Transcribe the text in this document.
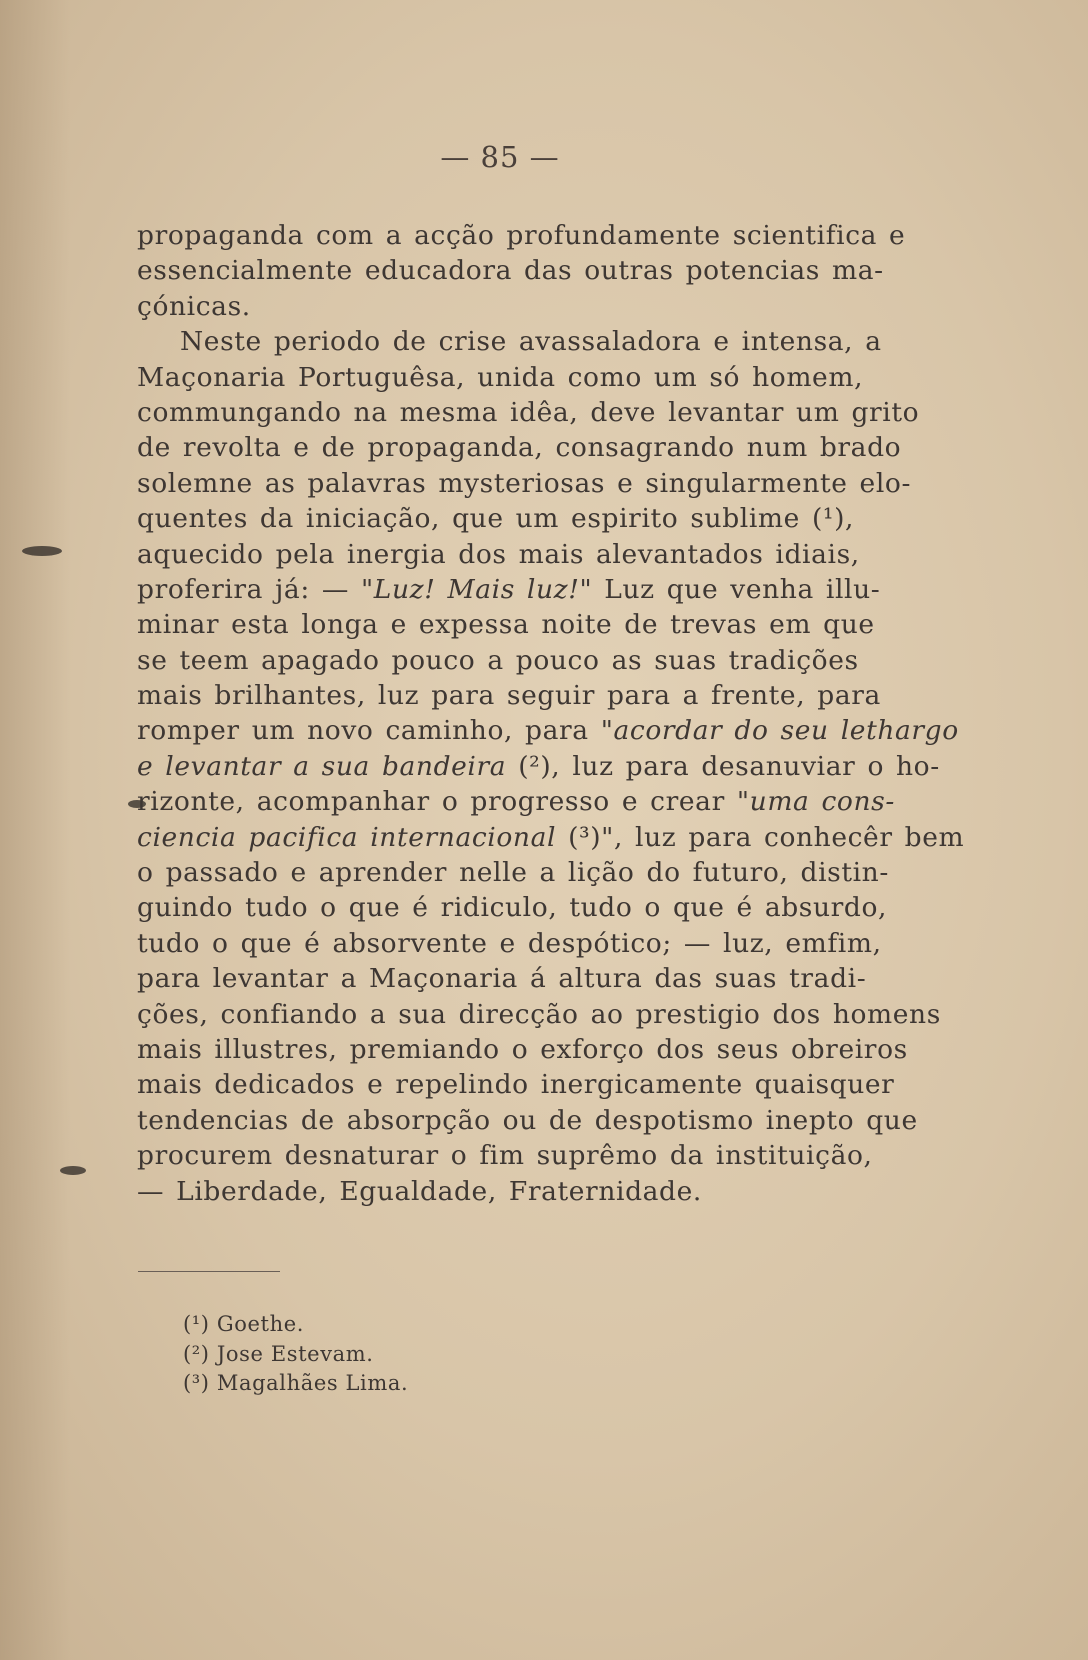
— 85 —
propaganda com a acção profundamente scientifica e
essencialmente educadora das outras potencias ma-
çónicas.
Neste periodo de crise avassaladora e intensa, a
Maçonaria Portuguêsa, unida como um só homem,
commungando na mesma idêa, deve levantar um grito
de revolta e de propaganda, consagrando num brado
solemne as palavras mysteriosas e singularmente elo-
quentes da iniciação, que um espirito sublime (¹),
aquecido pela inergia dos mais alevantados idiais,
proferira já: — "Luz! Mais luz!" Luz que venha illu-
minar esta longa e expessa noite de trevas em que
se teem apagado pouco a pouco as suas tradições
mais brilhantes, luz para seguir para a frente, para
romper um novo caminho, para "acordar do seu lethargo
e levantar a sua bandeira (²), luz para desanuviar o ho-
rizonte, acompanhar o progresso e crear "uma cons-
ciencia pacifica internacional (³)", luz para conhecêr bem
o passado e aprender nelle a lição do futuro, distin-
guindo tudo o que é ridiculo, tudo o que é absurdo,
tudo o que é absorvente e despótico; — luz, emfim,
para levantar a Maçonaria á altura das suas tradi-
ções, confiando a sua direcção ao prestigio dos homens
mais illustres, premiando o exforço dos seus obreiros
mais dedicados e repelindo inergicamente quaisquer
tendencias de absorpção ou de despotismo inepto que
procurem desnaturar o fim suprêmo da instituição,
— Liberdade, Egualdade, Fraternidade.
(¹) Goethe.
(²) Jose Estevam.
(³) Magalhães Lima.
